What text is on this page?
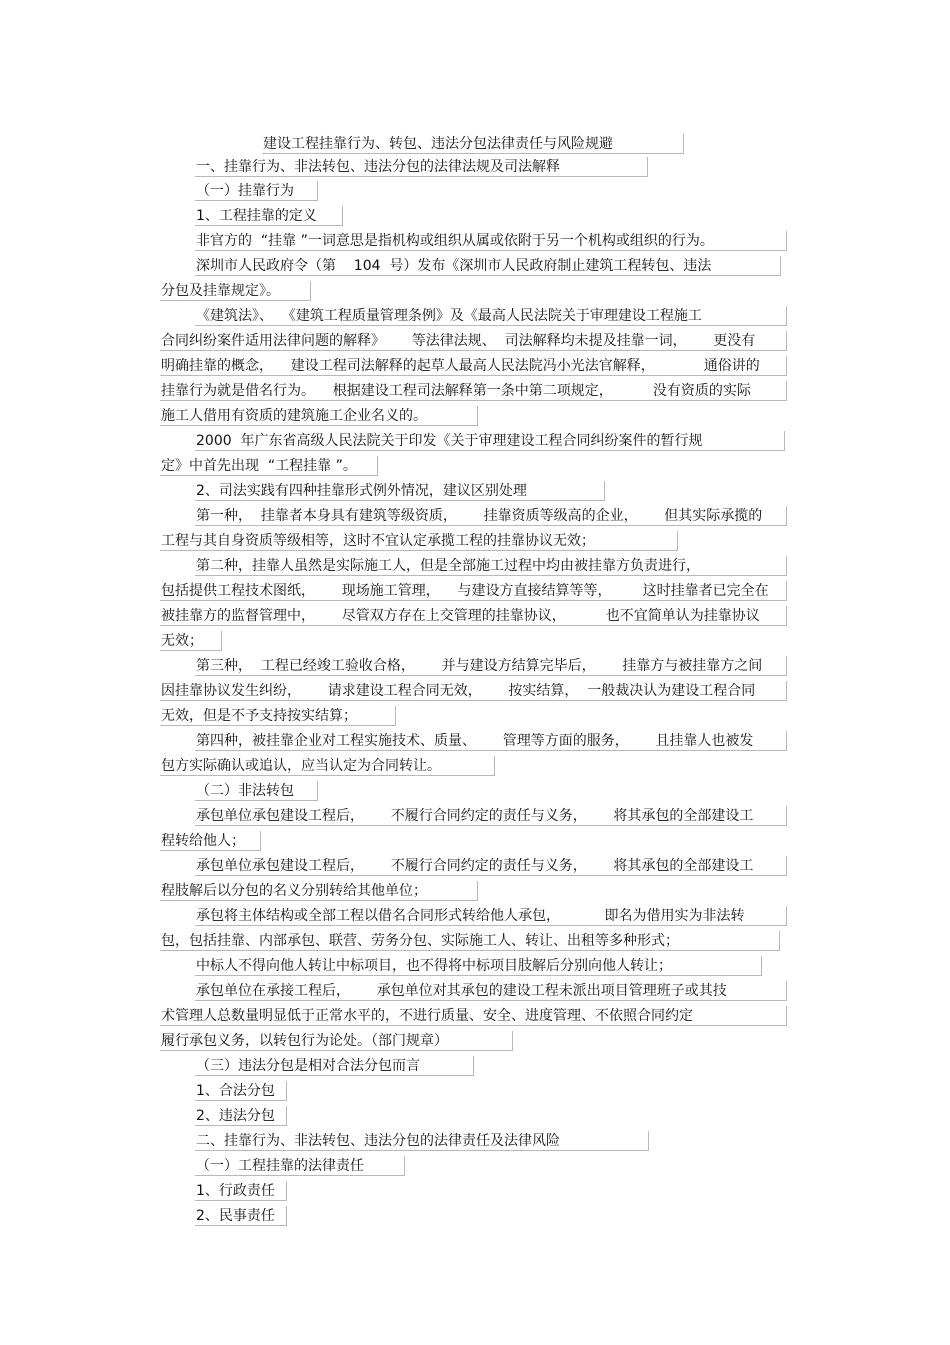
建设工程挂靠行为、转包、违法分包法律责任与风险规避
一、挂靠行为、非法转包、违法分包的法律法规及司法解释
（一）挂靠行为
1、工程挂靠的定义
非官方的  “挂靠 ”一词意思是指机构或组织从属或依附于另一个机构或组织的行为。
深圳市人民政府令（第    104  号）发布《深圳市人民政府制止建筑工程转包、违法
分包及挂靠规定》。
《建筑法》、  《建筑工程质量管理条例》及《最高人民法院关于审理建设工程施工
合同纠纷案件适用法律问题的解释》      等法律法规、  司法解释均未提及挂靠一词，      更没有
明确挂靠的概念，    建设工程司法解释的起草人最高人民法院冯小光法官解释，           通俗讲的
挂靠行为就是借名行为。    根据建设工程司法解释第一条中第二项规定，         没有资质的实际
施工人借用有资质的建筑施工企业名义的。
2000  年广东省高级人民法院关于印发《关于审理建设工程合同纠纷案件的暂行规
定》中首先出现  “工程挂靠 ”。
2、司法实践有四种挂靠形式例外情况，建议区别处理
第一种，  挂靠者本身具有建筑等级资质，      挂靠资质等级高的企业，      但其实际承揽的
工程与其自身资质等级相等，这时不宜认定承揽工程的挂靠协议无效；
第二种，挂靠人虽然是实际施工人，但是全部施工过程中均由被挂靠方负责进行，
包括提供工程技术图纸，      现场施工管理，    与建设方直接结算等等，       这时挂靠者已完全在
被挂靠方的监督管理中，      尽管双方存在上交管理的挂靠协议，         也不宜简单认为挂靠协议
无效；
第三种，  工程已经竣工验收合格，      并与建设方结算完毕后，      挂靠方与被挂靠方之间
因挂靠协议发生纠纷，      请求建设工程合同无效，      按实结算，  一般裁决认为建设工程合同
无效，但是不予支持按实结算；
第四种，被挂靠企业对工程实施技术、质量、      管理等方面的服务，      且挂靠人也被发
包方实际确认或追认，应当认定为合同转让。
（二）非法转包
承包单位承包建设工程后，      不履行合同约定的责任与义务，      将其承包的全部建设工
程转给他人；
承包单位承包建设工程后，      不履行合同约定的责任与义务，      将其承包的全部建设工
程肢解后以分包的名义分别转给其他单位；
承包将主体结构或全部工程以借名合同形式转给他人承包，          即名为借用实为非法转
包，包括挂靠、内部承包、联营、劳务分包、实际施工人、转让、出租等多种形式；
中标人不得向他人转让中标项目，也不得将中标项目肢解后分别向他人转让；
承包单位在承接工程后，      承包单位对其承包的建设工程未派出项目管理班子或其技
术管理人总数量明显低于正常水平的，不进行质量、安全、进度管理、不依照合同约定
履行承包义务，以转包行为论处。（部门规章）
（三）违法分包是相对合法分包而言
1、合法分包
2、违法分包
二、挂靠行为、非法转包、违法分包的法律责任及法律风险
（一）工程挂靠的法律责任
1、行政责任
2、民事责任
